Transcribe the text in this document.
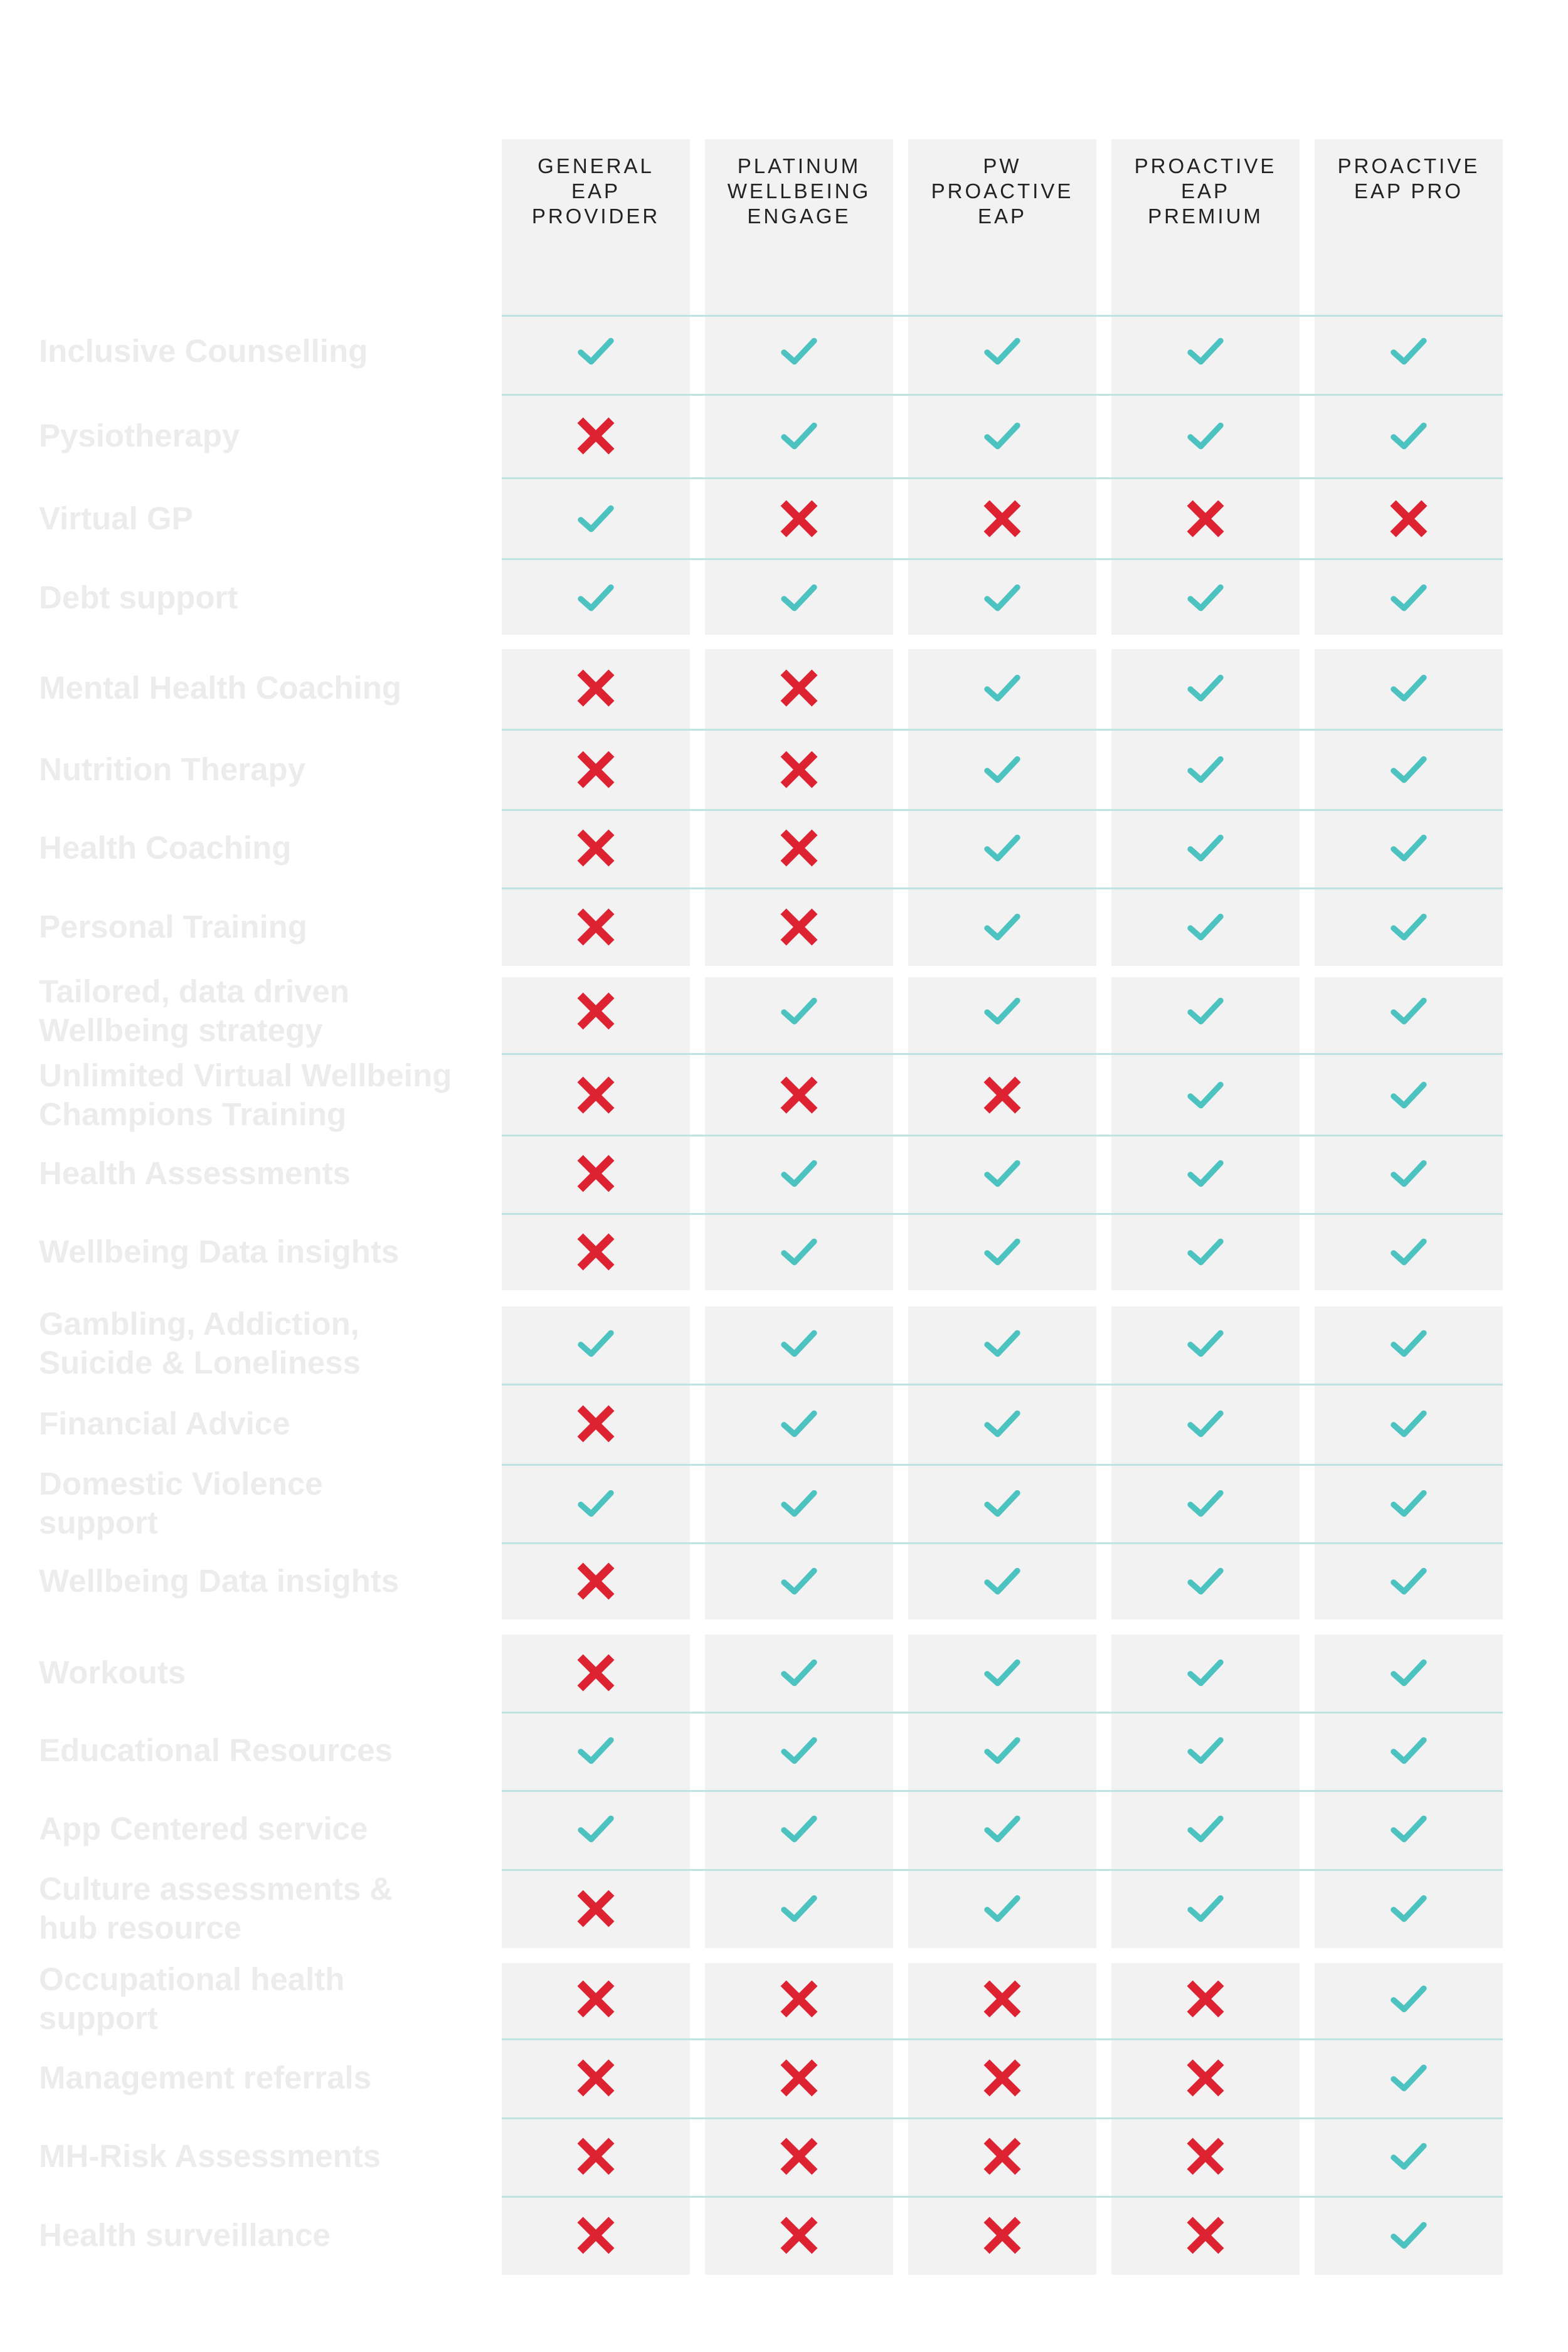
GENERAL
EAP
PROVIDER
PLATINUM
WELLBEING
ENGAGE
PW
PROACTIVE
EAP
PROACTIVE
EAP
PREMIUM
PROACTIVE
EAP PRO
Inclusive Counselling
Pysiotherapy
Virtual GP
Debt support
Mental Health Coaching
Nutrition Therapy
Health Coaching
Personal Training
Tailored, data driven
Wellbeing strategy
Unlimited Virtual Wellbeing
Champions Training
Health Assessments
Wellbeing Data insights
Gambling, Addiction,
Suicide & Loneliness
Financial Advice
Domestic Violence
support
Wellbeing Data insights
Workouts
Educational Resources
App Centered service
Culture assessments &
hub resource
Occupational health
support
Management referrals
MH-Risk Assessments
Health surveillance
